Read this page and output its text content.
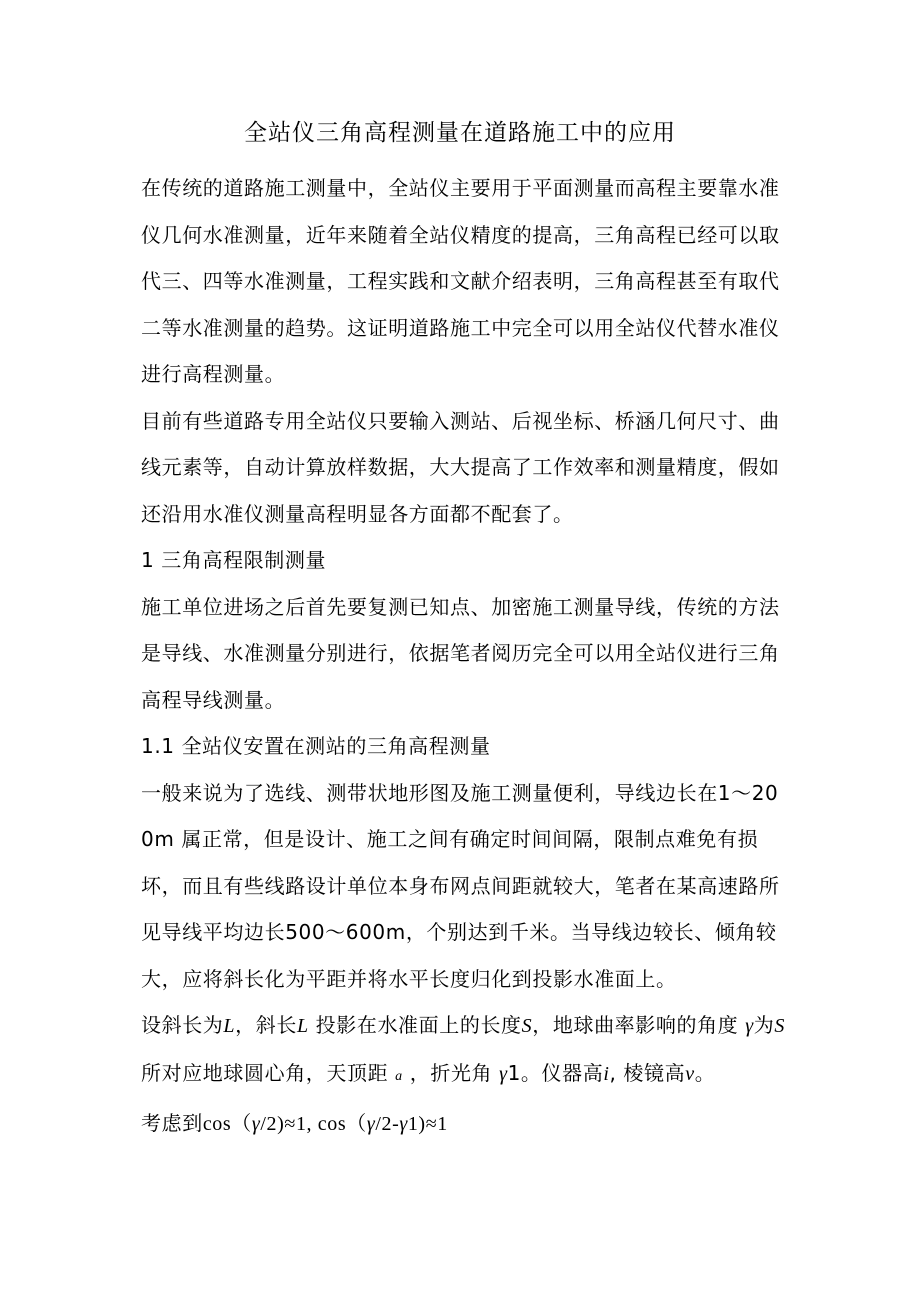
全站仪三角高程测量在道路施工中的应用

在传统的道路施工测量中，全站仪主要用于平面测量而高程主要靠水准仪几何水准测量，近年来随着全站仪精度的提高，三角高程已经可以取代三、四等水准测量，工程实践和文献介绍表明，三角高程甚至有取代二等水准测量的趋势。这证明道路施工中完全可以用全站仪代替水准仪进行高程测量。

目前有些道路专用全站仪只要输入测站、后视坐标、桥涵几何尺寸、曲线元素等，自动计算放样数据，大大提高了工作效率和测量精度，假如还沿用水准仪测量高程明显各方面都不配套了。

1 三角高程限制测量

施工单位进场之后首先要复测已知点、加密施工测量导线，传统的方法是导线、水准测量分别进行，依据笔者阅历完全可以用全站仪进行三角高程导线测量。

1.1 全站仪安置在测站的三角高程测量

一般来说为了选线、测带状地形图及施工测量便利，导线边长在1～200m 属正常，但是设计、施工之间有确定时间间隔，限制点难免有损坏，而且有些线路设计单位本身布网点间距就较大，笔者在某高速路所见导线平均边长500～600m，个别达到千米。当导线边较长、倾角较大，应将斜长化为平距并将水平长度归化到投影水准面上。

设斜长为L，斜长L 投影在水准面上的长度S，地球曲率影响的角度 γ为S 所对应地球圆心角，天顶距 a ，折光角 γ1。仪器高i, 棱镜高v。

考虑到cos（γ/2)≈1, cos（γ/2-γ1)≈1
